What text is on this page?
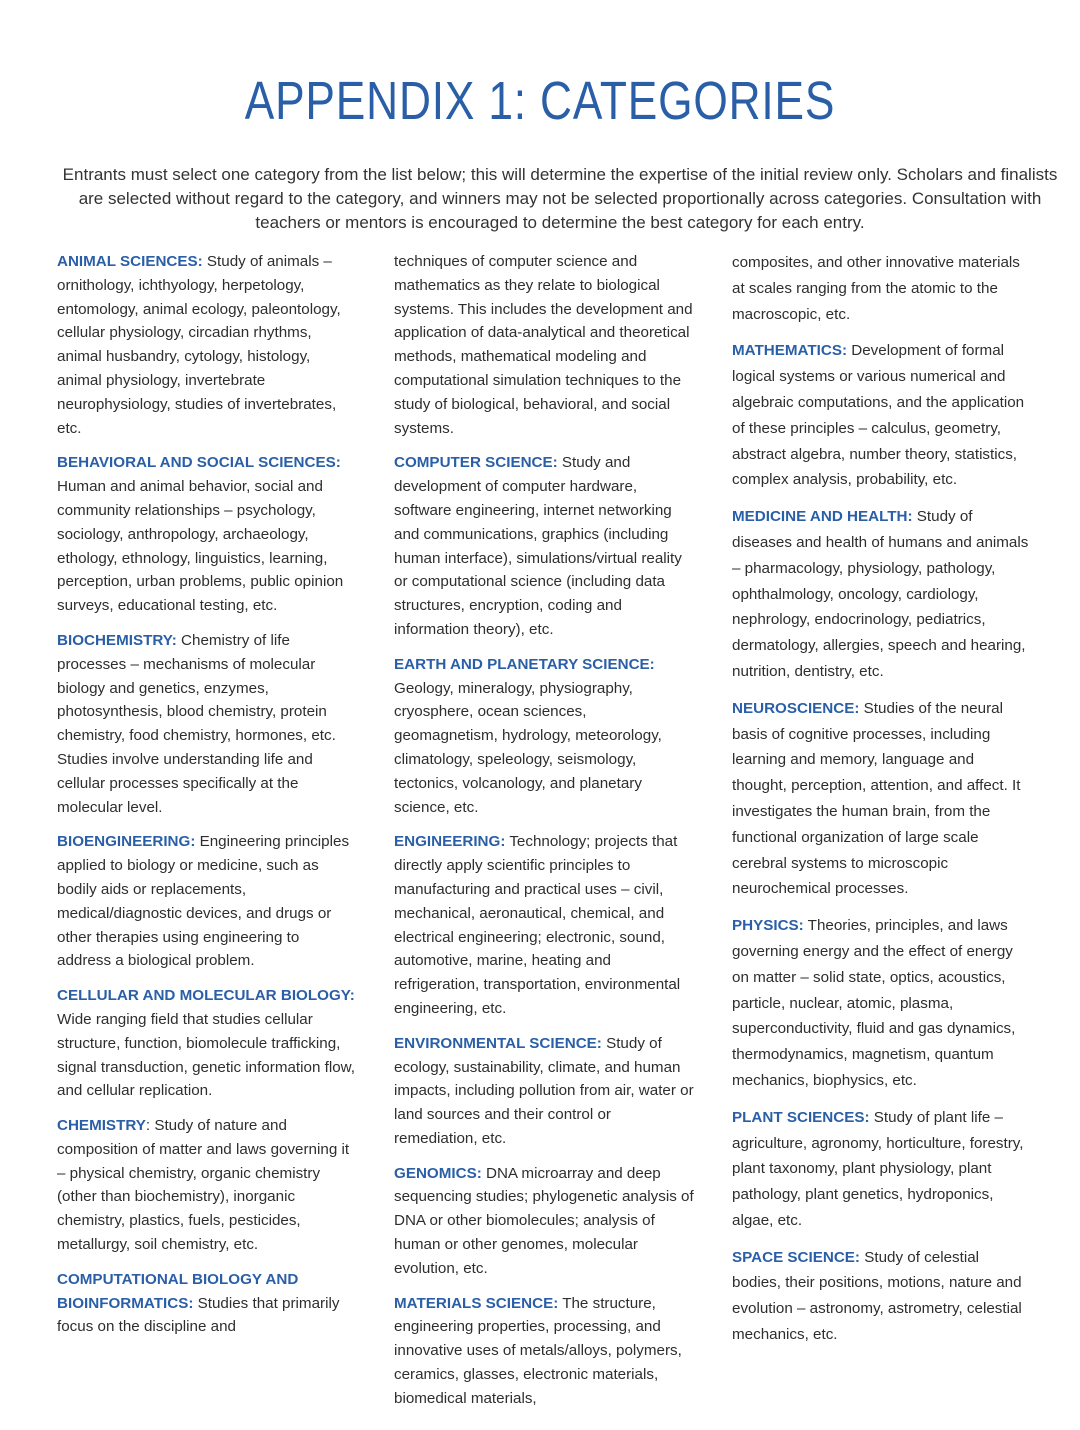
APPENDIX 1: CATEGORIES

Entrants must select one category from the list below; this will determine the expertise of the initial review only. Scholars and finalists are selected without regard to the category, and winners may not be selected proportionally across categories. Consultation with teachers or mentors is encouraged to determine the best category for each entry.

ANIMAL SCIENCES: Study of animals – ornithology, ichthyology, herpetology, entomology, animal ecology, paleontology, cellular physiology, circadian rhythms, animal husbandry, cytology, histology, animal physiology, invertebrate neurophysiology, studies of invertebrates, etc.

BEHAVIORAL AND SOCIAL SCIENCES: Human and animal behavior, social and community relationships – psychology, sociology, anthropology, archaeology, ethology, ethnology, linguistics, learning, perception, urban problems, public opinion surveys, educational testing, etc.

BIOCHEMISTRY: Chemistry of life processes – mechanisms of molecular biology and genetics, enzymes, photosynthesis, blood chemistry, protein chemistry, food chemistry, hormones, etc. Studies involve understanding life and cellular processes specifically at the molecular level.

BIOENGINEERING: Engineering principles applied to biology or medicine, such as bodily aids or replacements, medical/diagnostic devices, and drugs or other therapies using engineering to address a biological problem.

CELLULAR AND MOLECULAR BIOLOGY: Wide ranging field that studies cellular structure, function, biomolecule trafficking, signal transduction, genetic information flow, and cellular replication.

CHEMISTRY: Study of nature and composition of matter and laws governing it – physical chemistry, organic chemistry (other than biochemistry), inorganic chemistry, plastics, fuels, pesticides, metallurgy, soil chemistry, etc.

COMPUTATIONAL BIOLOGY AND BIOINFORMATICS: Studies that primarily focus on the discipline and

techniques of computer science and mathematics as they relate to biological systems. This includes the development and application of data-analytical and theoretical methods, mathematical modeling and computational simulation techniques to the study of biological, behavioral, and social systems.

COMPUTER SCIENCE: Study and development of computer hardware, software engineering, internet networking and communications, graphics (including human interface), simulations/virtual reality or computational science (including data structures, encryption, coding and information theory), etc.

EARTH AND PLANETARY SCIENCE: Geology, mineralogy, physiography, cryosphere, ocean sciences, geomagnetism, hydrology, meteorology, climatology, speleology, seismology, tectonics, volcanology, and planetary science, etc.

ENGINEERING: Technology; projects that directly apply scientific principles to manufacturing and practical uses – civil, mechanical, aeronautical, chemical, and electrical engineering; electronic, sound, automotive, marine, heating and refrigeration, transportation, environmental engineering, etc.

ENVIRONMENTAL SCIENCE: Study of ecology, sustainability, climate, and human impacts, including pollution from air, water or land sources and their control or remediation, etc.

GENOMICS: DNA microarray and deep sequencing studies; phylogenetic analysis of DNA or other biomolecules; analysis of human or other genomes, molecular evolution, etc.

MATERIALS SCIENCE: The structure, engineering properties, processing, and innovative uses of metals/alloys, polymers, ceramics, glasses, electronic materials, biomedical materials,

composites, and other innovative materials at scales ranging from the atomic to the macroscopic, etc.

MATHEMATICS: Development of formal logical systems or various numerical and algebraic computations, and the application of these principles – calculus, geometry, abstract algebra, number theory, statistics, complex analysis, probability, etc.

MEDICINE AND HEALTH: Study of diseases and health of humans and animals – pharmacology, physiology, pathology, ophthalmology, oncology, cardiology, nephrology, endocrinology, pediatrics, dermatology, allergies, speech and hearing, nutrition, dentistry, etc.

NEUROSCIENCE: Studies of the neural basis of cognitive processes, including learning and memory, language and thought, perception, attention, and affect. It investigates the human brain, from the functional organization of large scale cerebral systems to microscopic neurochemical processes.

PHYSICS: Theories, principles, and laws governing energy and the effect of energy on matter – solid state, optics, acoustics, particle, nuclear, atomic, plasma, superconductivity, fluid and gas dynamics, thermodynamics, magnetism, quantum mechanics, biophysics, etc.

PLANT SCIENCES: Study of plant life – agriculture, agronomy, horticulture, forestry, plant taxonomy, plant physiology, plant pathology, plant genetics, hydroponics, algae, etc.

SPACE SCIENCE: Study of celestial bodies, their positions, motions, nature and evolution – astronomy, astrometry, celestial mechanics, etc.
